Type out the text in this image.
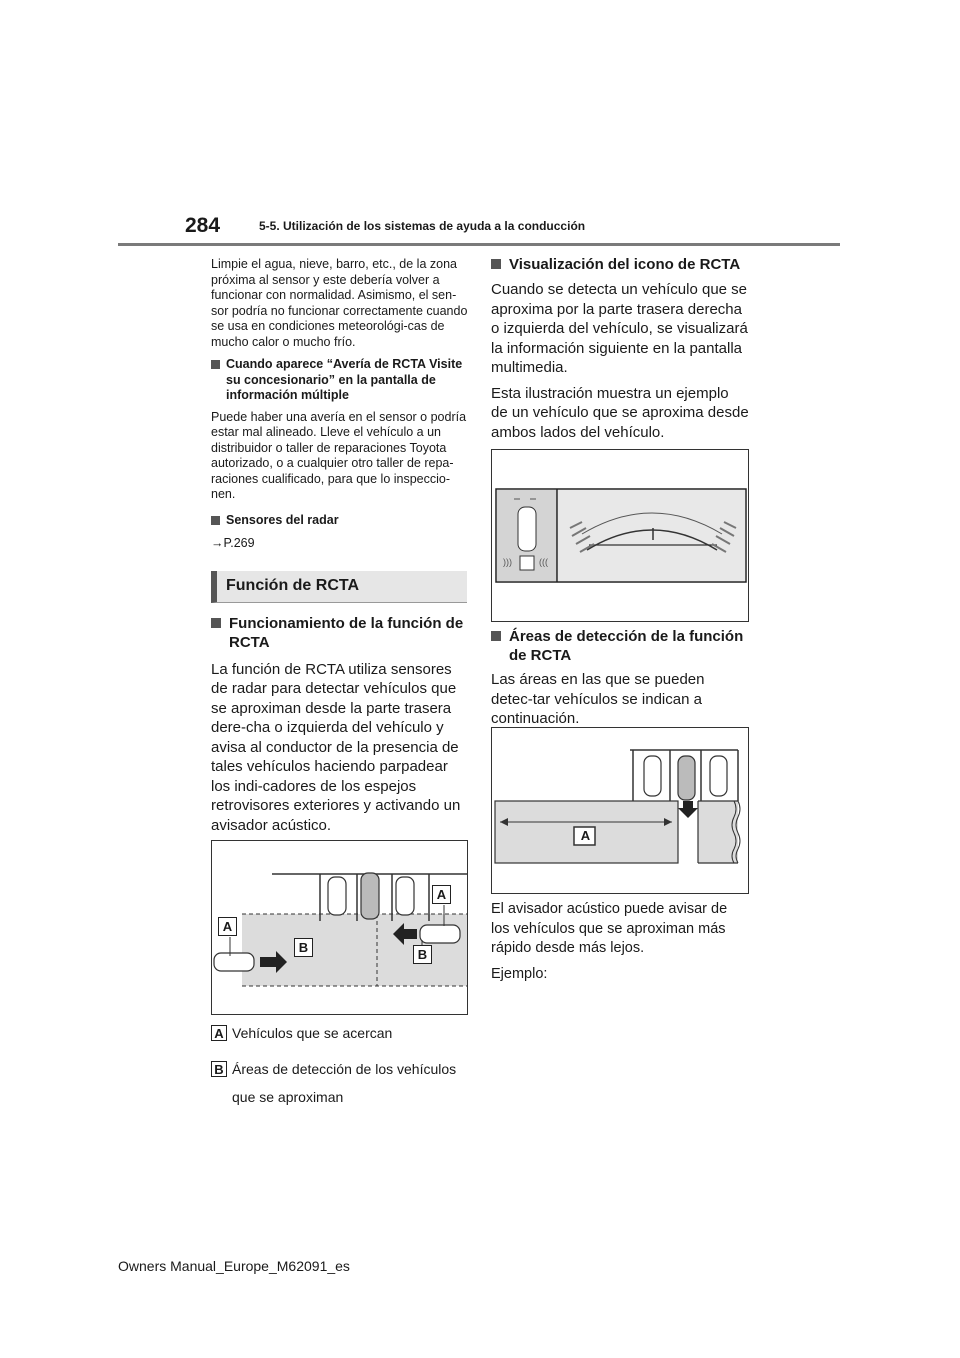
284	5-5. Utilización de los sistemas de ayuda a la conducción

Limpie el agua, nieve, barro, etc., de la zona próxima al sensor y este debería volver a funcionar con normalidad. Asimismo, el sen-sor podría no funcionar correctamente cuando se usa en condiciones meteorológi-cas de mucho calor o mucho frío.

Cuando aparece “Avería de RCTA Visite su concesionario” en la pantalla de información múltiple

Puede haber una avería en el sensor o podría estar mal alineado. Lleve el vehículo a un distribuidor o taller de reparaciones Toyota autorizado, o a cualquier otro taller de repa-raciones cualificado, para que lo inspeccio-nen.

Sensores del radar

→P.269

Función de RCTA
Funcionamiento de la función de RCTA

La función de RCTA utiliza sensores de radar para detectar vehículos que se aproximan desde la parte trasera dere-cha o izquierda del vehículo y avisa al conductor de la presencia de tales vehículos haciendo parpadear los indi-cadores de los espejos retrovisores exteriores y activando un avisador acústico.

A
A
B	B
A Vehículos que se acercan
B Áreas de detección de los vehículos
que se aproximan
Visualización del icono de RCTA

Cuando se detecta un vehículo que se aproxima por la parte trasera derecha o izquierda del vehículo, se visualizará la información siguiente en la pantalla multimedia.

Esta ilustración muestra un ejemplo de un vehículo que se aproxima desde ambos lados del vehículo.

)))	(((
Áreas de detección de la función de RCTA

Las áreas en las que se pueden detec-tar vehículos se indican a continuación.

A

El avisador acústico puede avisar de los vehículos que se aproximan más rápido desde más lejos.

Ejemplo:

Owners Manual_Europe_M62091_es
